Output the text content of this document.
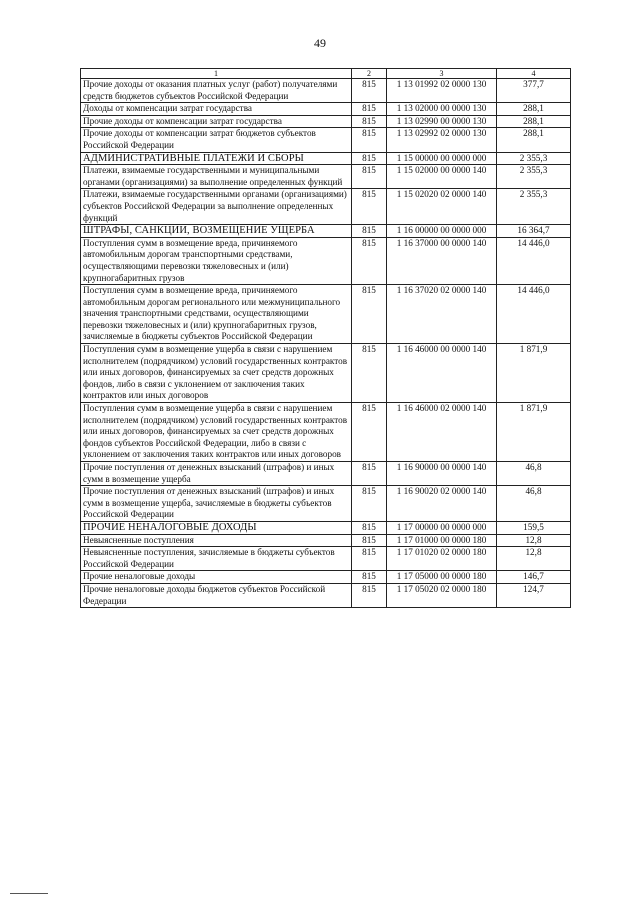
49
1	2	3	4
Прочие доходы от оказания платных услуг (работ) получателями средств бюджетов субъектов Российской Федерации	815	1 13 01992 02 0000 130	377,7
Доходы от компенсации затрат государства	815	1 13 02000 00 0000 130	288,1
Прочие доходы от компенсации затрат государства	815	1 13 02990 00 0000 130	288,1
Прочие доходы от компенсации затрат бюджетов субъектов Российской Федерации	815	1 13 02992 02 0000 130	288,1
АДМИНИСТРАТИВНЫЕ ПЛАТЕЖИ И СБОРЫ	815	1 15 00000 00 0000 000	2 355,3
Платежи, взимаемые государственными и муниципальными органами (организациями) за выполнение определенных функций	815	1 15 02000 00 0000 140	2 355,3
Платежи, взимаемые государственными органами (организациями) субъектов Российской Федерации за выполнение определенных функций	815	1 15 02020 02 0000 140	2 355,3
ШТРАФЫ, САНКЦИИ, ВОЗМЕЩЕНИЕ УЩЕРБА	815	1 16 00000 00 0000 000	16 364,7
Поступления сумм в возмещение вреда, причиняемого автомобильным дорогам транспортными средствами, осуществляющими перевозки тяжеловесных и (или) крупногабаритных грузов	815	1 16 37000 00 0000 140	14 446,0
Поступления сумм в возмещение вреда, причиняемого автомобильным дорогам регионального или межмуниципального значения транспортными средствами, осуществляющими перевозки тяжеловесных и (или) крупногабаритных грузов, зачисляемые в бюджеты субъектов Российской Федерации	815	1 16 37020 02 0000 140	14 446,0
Поступления сумм в возмещение ущерба в связи с нарушением исполнителем (подрядчиком) условий государственных контрактов или иных договоров, финансируемых за счет средств дорожных фондов, либо в связи с уклонением от заключения таких контрактов или иных договоров	815	1 16 46000 00 0000 140	1 871,9
Поступления сумм в возмещение ущерба в связи с нарушением исполнителем (подрядчиком) условий государственных контрактов или иных договоров, финансируемых за счет средств дорожных фондов субъектов Российской Федерации, либо в связи с уклонением от заключения таких контрактов или иных договоров	815	1 16 46000 02 0000 140	1 871,9
Прочие поступления от денежных взысканий (штрафов) и иных сумм в возмещение ущерба	815	1 16 90000 00 0000 140	46,8
Прочие поступления от денежных взысканий (штрафов) и иных сумм в возмещение ущерба, зачисляемые в бюджеты субъектов Российской Федерации	815	1 16 90020 02 0000 140	46,8
ПРОЧИЕ НЕНАЛОГОВЫЕ ДОХОДЫ	815	1 17 00000 00 0000 000	159,5
Невыясненные поступления	815	1 17 01000 00 0000 180	12,8
Невыясненные поступления, зачисляемые в бюджеты субъектов Российской Федерации	815	1 17 01020 02 0000 180	12,8
Прочие неналоговые доходы	815	1 17 05000 00 0000 180	146,7
Прочие неналоговые доходы бюджетов субъектов Российской Федерации	815	1 17 05020 02 0000 180	124,7
